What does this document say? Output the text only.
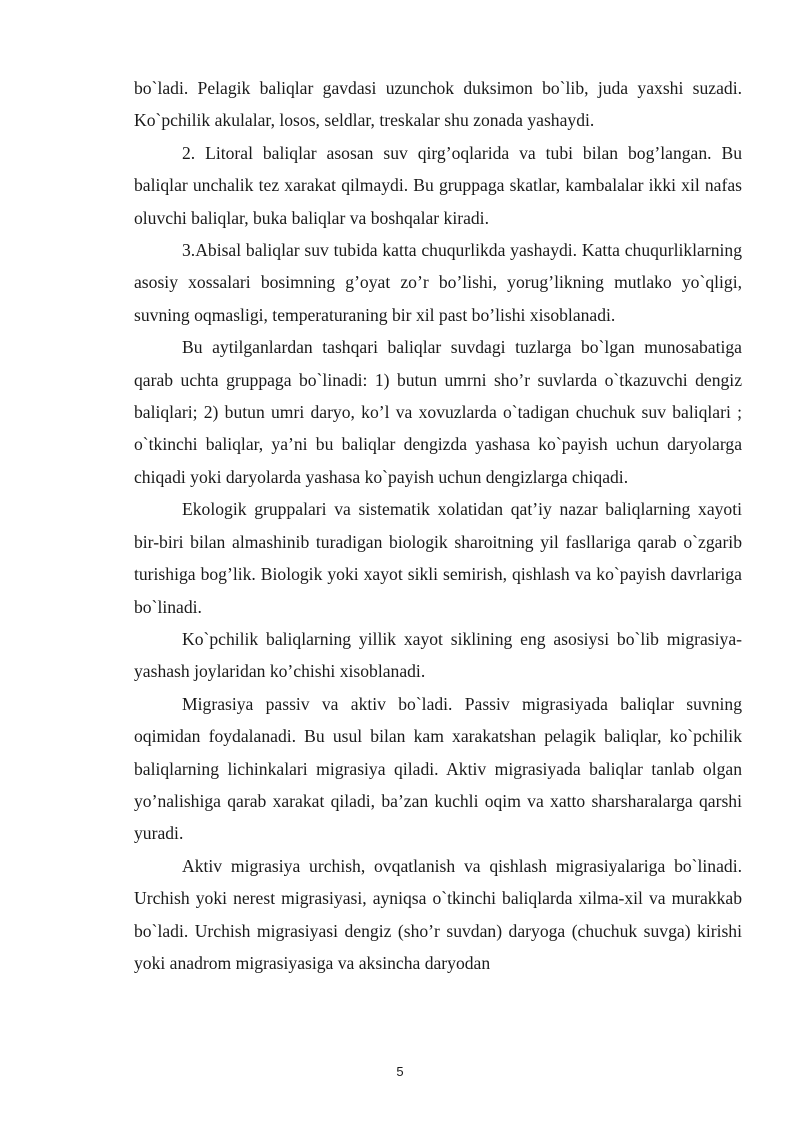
bo`ladi. Pelagik baliqlar gavdasi uzunchok duksimon bo`lib, juda yaxshi suzadi. Ko`pchilik akulalar, losos, seldlar, treskalar shu zonada yashaydi.

2. Litoral baliqlar asosan suv qirg’oqlarida va tubi bilan bog’langan. Bu baliqlar unchalik tez xarakat qilmaydi. Bu gruppaga skatlar, kambalalar ikki xil nafas oluvchi baliqlar, buka baliqlar va boshqalar kiradi.

3.Abisal baliqlar suv tubida katta chuqurlikda yashaydi. Katta chuqurliklarning asosiy xossalari bosimning g’oyat zo’r bo’lishi, yorug’likning mutlako yo`qligi, suvning oqmasligi, temperaturaning bir xil past bo’lishi xisoblanadi.

Bu aytilganlardan tashqari baliqlar suvdagi tuzlarga bo`lgan munosabatiga qarab uchta gruppaga bo`linadi: 1) butun umrni sho’r suvlarda o`tkazuvchi dengiz baliqlari; 2) butun umri daryo, ko’l va xovuzlarda o`tadigan chuchuk suv baliqlari ; o`tkinchi baliqlar, ya’ni bu baliqlar dengizda yashasa ko`payish uchun daryolarga chiqadi yoki daryolarda yashasa ko`payish uchun dengizlarga chiqadi.

Ekologik gruppalari va sistematik xolatidan qat’iy nazar baliqlarning xayoti bir-biri bilan almashinib turadigan biologik sharoitning yil fasllariga qarab o`zgarib turishiga bog’lik. Biologik yoki xayot sikli semirish, qishlash va ko`payish davrlariga bo`linadi.

Ko`pchilik baliqlarning yillik xayot siklining eng asosiysi bo`lib migrasiya- yashash joylaridan ko’chishi xisoblanadi.

Migrasiya passiv va aktiv bo`ladi. Passiv migrasiyada baliqlar suvning oqimidan foydalanadi. Bu usul bilan kam xarakatshan pelagik baliqlar, ko`pchilik baliqlarning lichinkalari migrasiya qiladi. Aktiv migrasiyada baliqlar tanlab olgan yo’nalishiga qarab xarakat qiladi, ba’zan kuchli oqim va xatto sharsharalarga qarshi yuradi.

Aktiv migrasiya urchish, ovqatlanish va qishlash migrasiyalariga bo`linadi. Urchish yoki nerest migrasiyasi, ayniqsa o`tkinchi baliqlarda xilma-xil va murakkab bo`ladi. Urchish migrasiyasi dengiz (sho’r suvdan) daryoga (chuchuk suvga) kirishi yoki anadrom migrasiyasiga va aksincha daryodan

5
